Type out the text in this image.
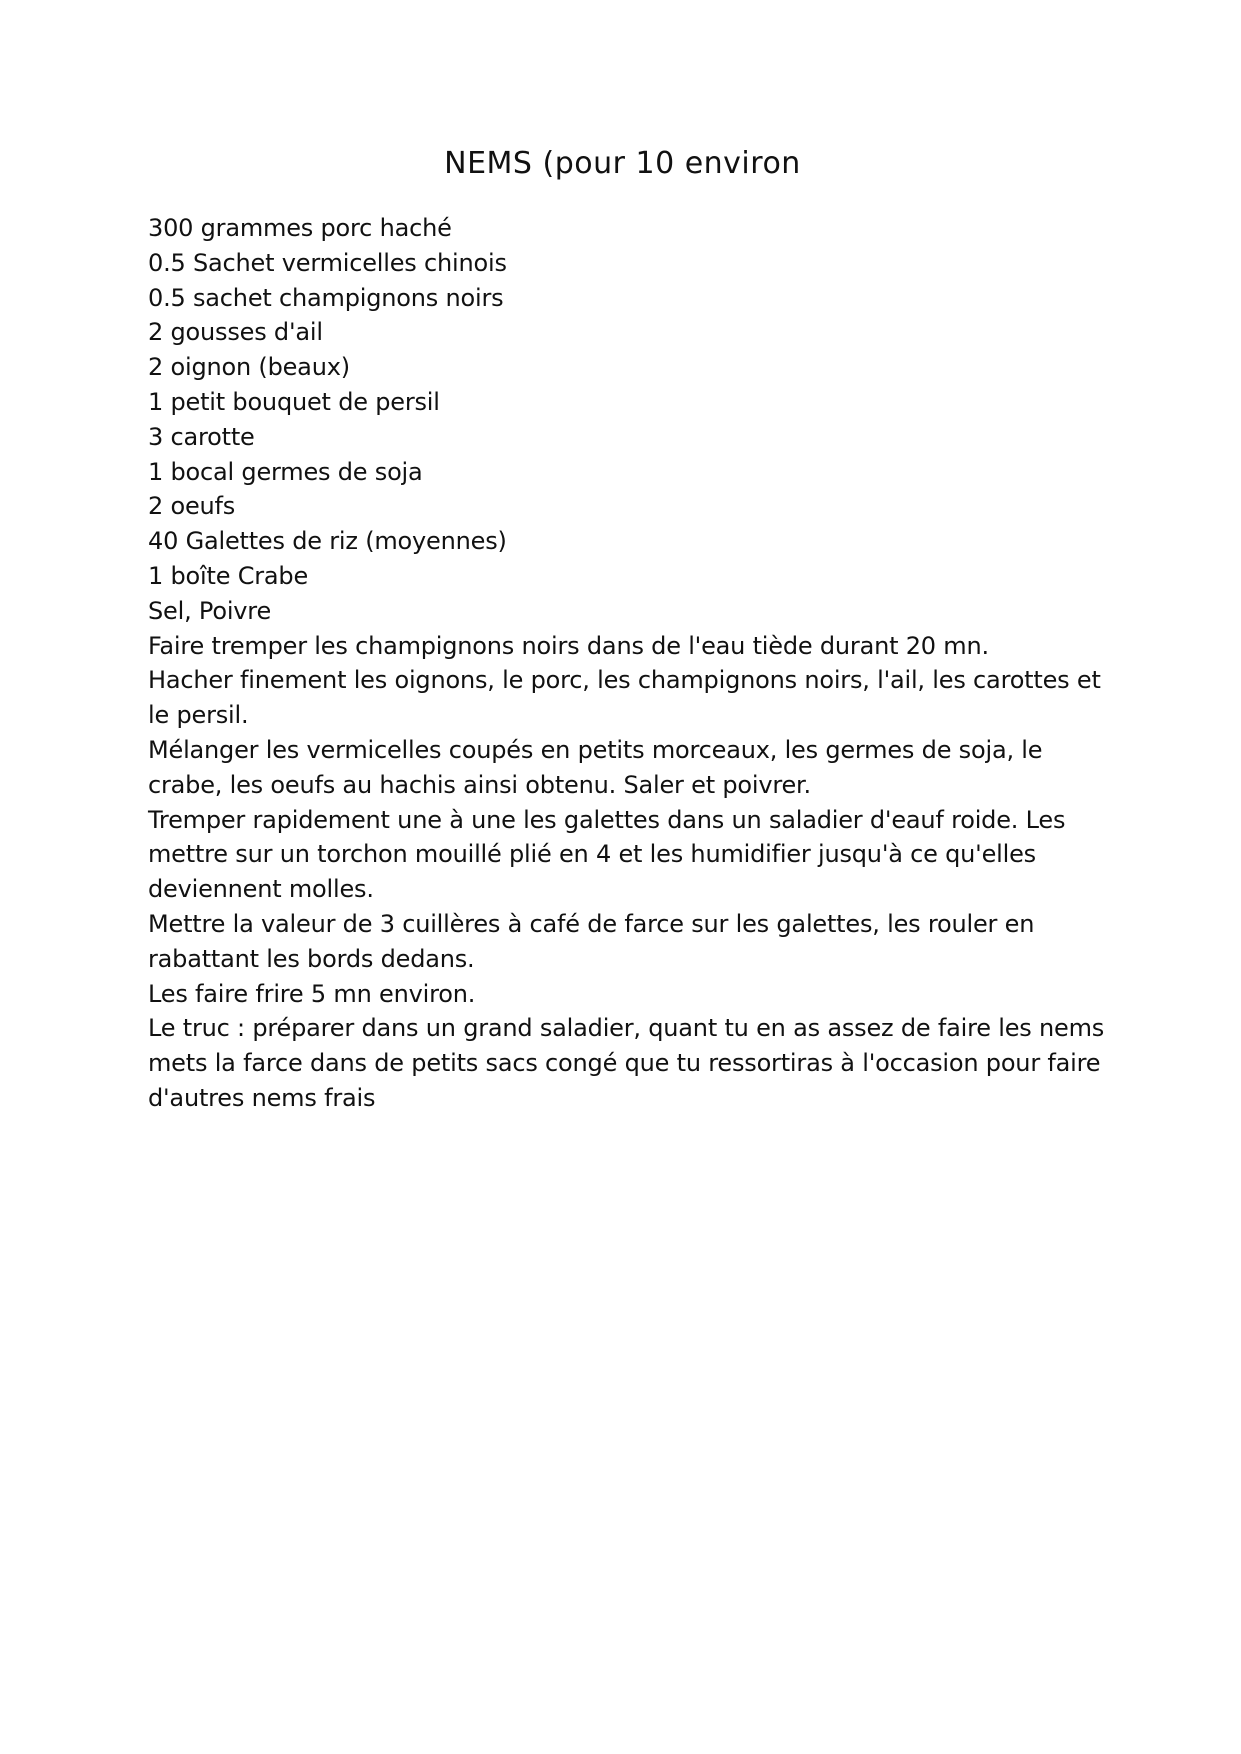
NEMS (pour 10 environ

300 grammes porc haché

0.5 Sachet vermicelles chinois

0.5 sachet champignons noirs

2 gousses d'ail

2 oignon (beaux)

1 petit bouquet de persil

3 carotte

1 bocal germes de soja

2 oeufs

40 Galettes de riz (moyennes)

1 boîte Crabe

Sel, Poivre

Faire tremper les champignons noirs dans de l'eau tiède durant 20 mn.

Hacher finement les oignons, le porc, les champignons noirs, l'ail, les carottes et le persil.

Mélanger les vermicelles coupés en petits morceaux, les germes de soja, le crabe, les oeufs au hachis ainsi obtenu. Saler et poivrer.

Tremper rapidement une à une les galettes dans un saladier d'eauf roide. Les mettre sur un torchon mouillé plié en 4 et les humidifier jusqu'à ce qu'elles deviennent molles.

Mettre la valeur de 3 cuillères à café de farce sur les galettes, les rouler en rabattant les bords dedans.

Les faire frire 5 mn environ.

Le truc : préparer dans un grand saladier, quant tu en as assez de faire les nems mets la farce dans de petits sacs congé que tu ressortiras à l'occasion pour faire d'autres nems frais
